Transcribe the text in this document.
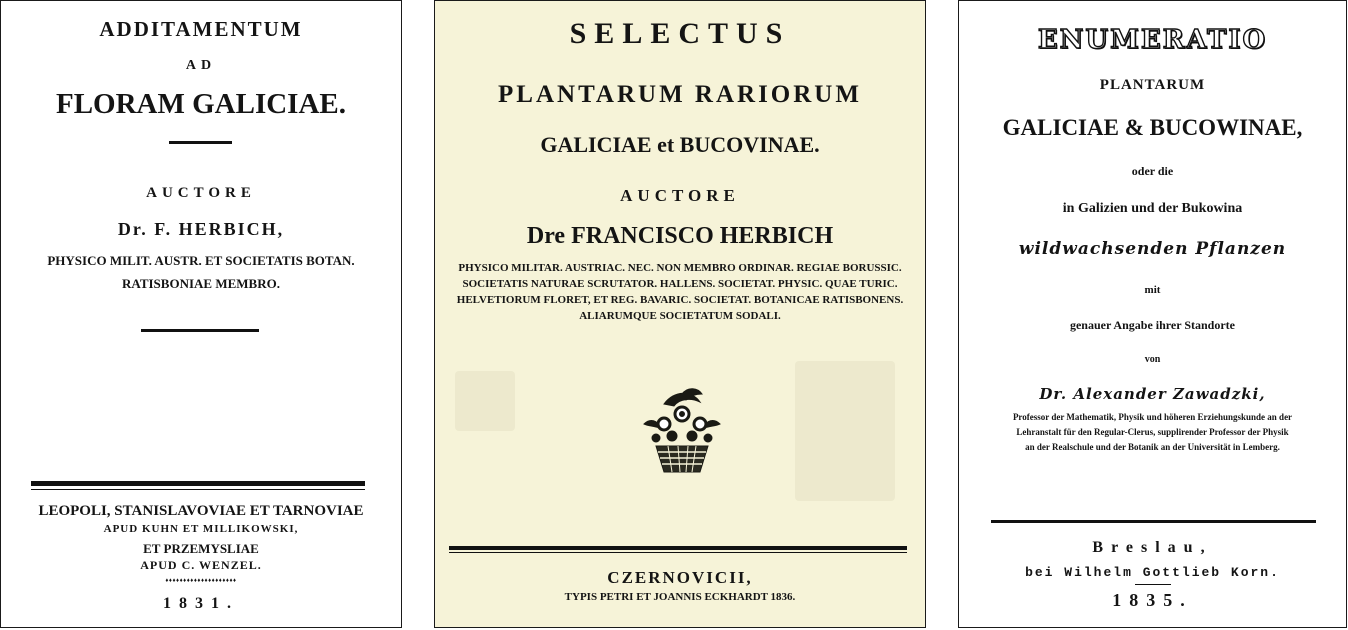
ADDITAMENTUM
AD
FLORAM GALICIAE.
AUCTORE
Dr. F. HERBICH,
PHYSICO MILIT. AUSTR. ET SOCIETATIS BOTAN.
RATISBONIAE MEMBRO.
LEOPOLI, STANISLAVOVIAE ET TARNOVIAE
APUD KUHN ET MILLIKOWSKI,
ET PRZEMYSLIAE
APUD C. WENZEL.
♦♦♦♦♦♦♦♦♦♦♦♦♦♦♦♦♦♦♦♦
1831.
SELECTUS
PLANTARUM RARIORUM
GALICIAE et BUCOVINAE.
AUCTORE
Dre FRANCISCO HERBICH
PHYSICO MILITAR. AUSTRIAC. NEC. NON MEMBRO ORDINAR. REGIAE BORUSSIC.
SOCIETATIS NATURAE SCRUTATOR. HALLENS. SOCIETAT. PHYSIC. QUAE TURIC.
HELVETIORUM FLORET, ET REG. BAVARIC. SOCIETAT. BOTANICAE RATISBONENS.
ALIARUMQUE SOCIETATUM SODALI.
CZERNOVICII,
TYPIS PETRI ET JOANNIS ECKHARDT 1836.
ENUMERATIO
PLANTARUM
GALICIAE & BUCOWINAE,
oder die
in Galizien und der Bukowina
wildwachsenden Pflanzen
mit
genauer Angabe ihrer Standorte
von
Dr. Alexander Zawadzki,
Professor der Mathematik, Physik und höheren Erziehungskunde an der
Lehranstalt für den Regular-Clerus, supplirender Professor der Physik
an der Realschule und der Botanik an der Universität in Lemberg.
Breslau,
bei Wilhelm Gottlieb Korn.
1835.
